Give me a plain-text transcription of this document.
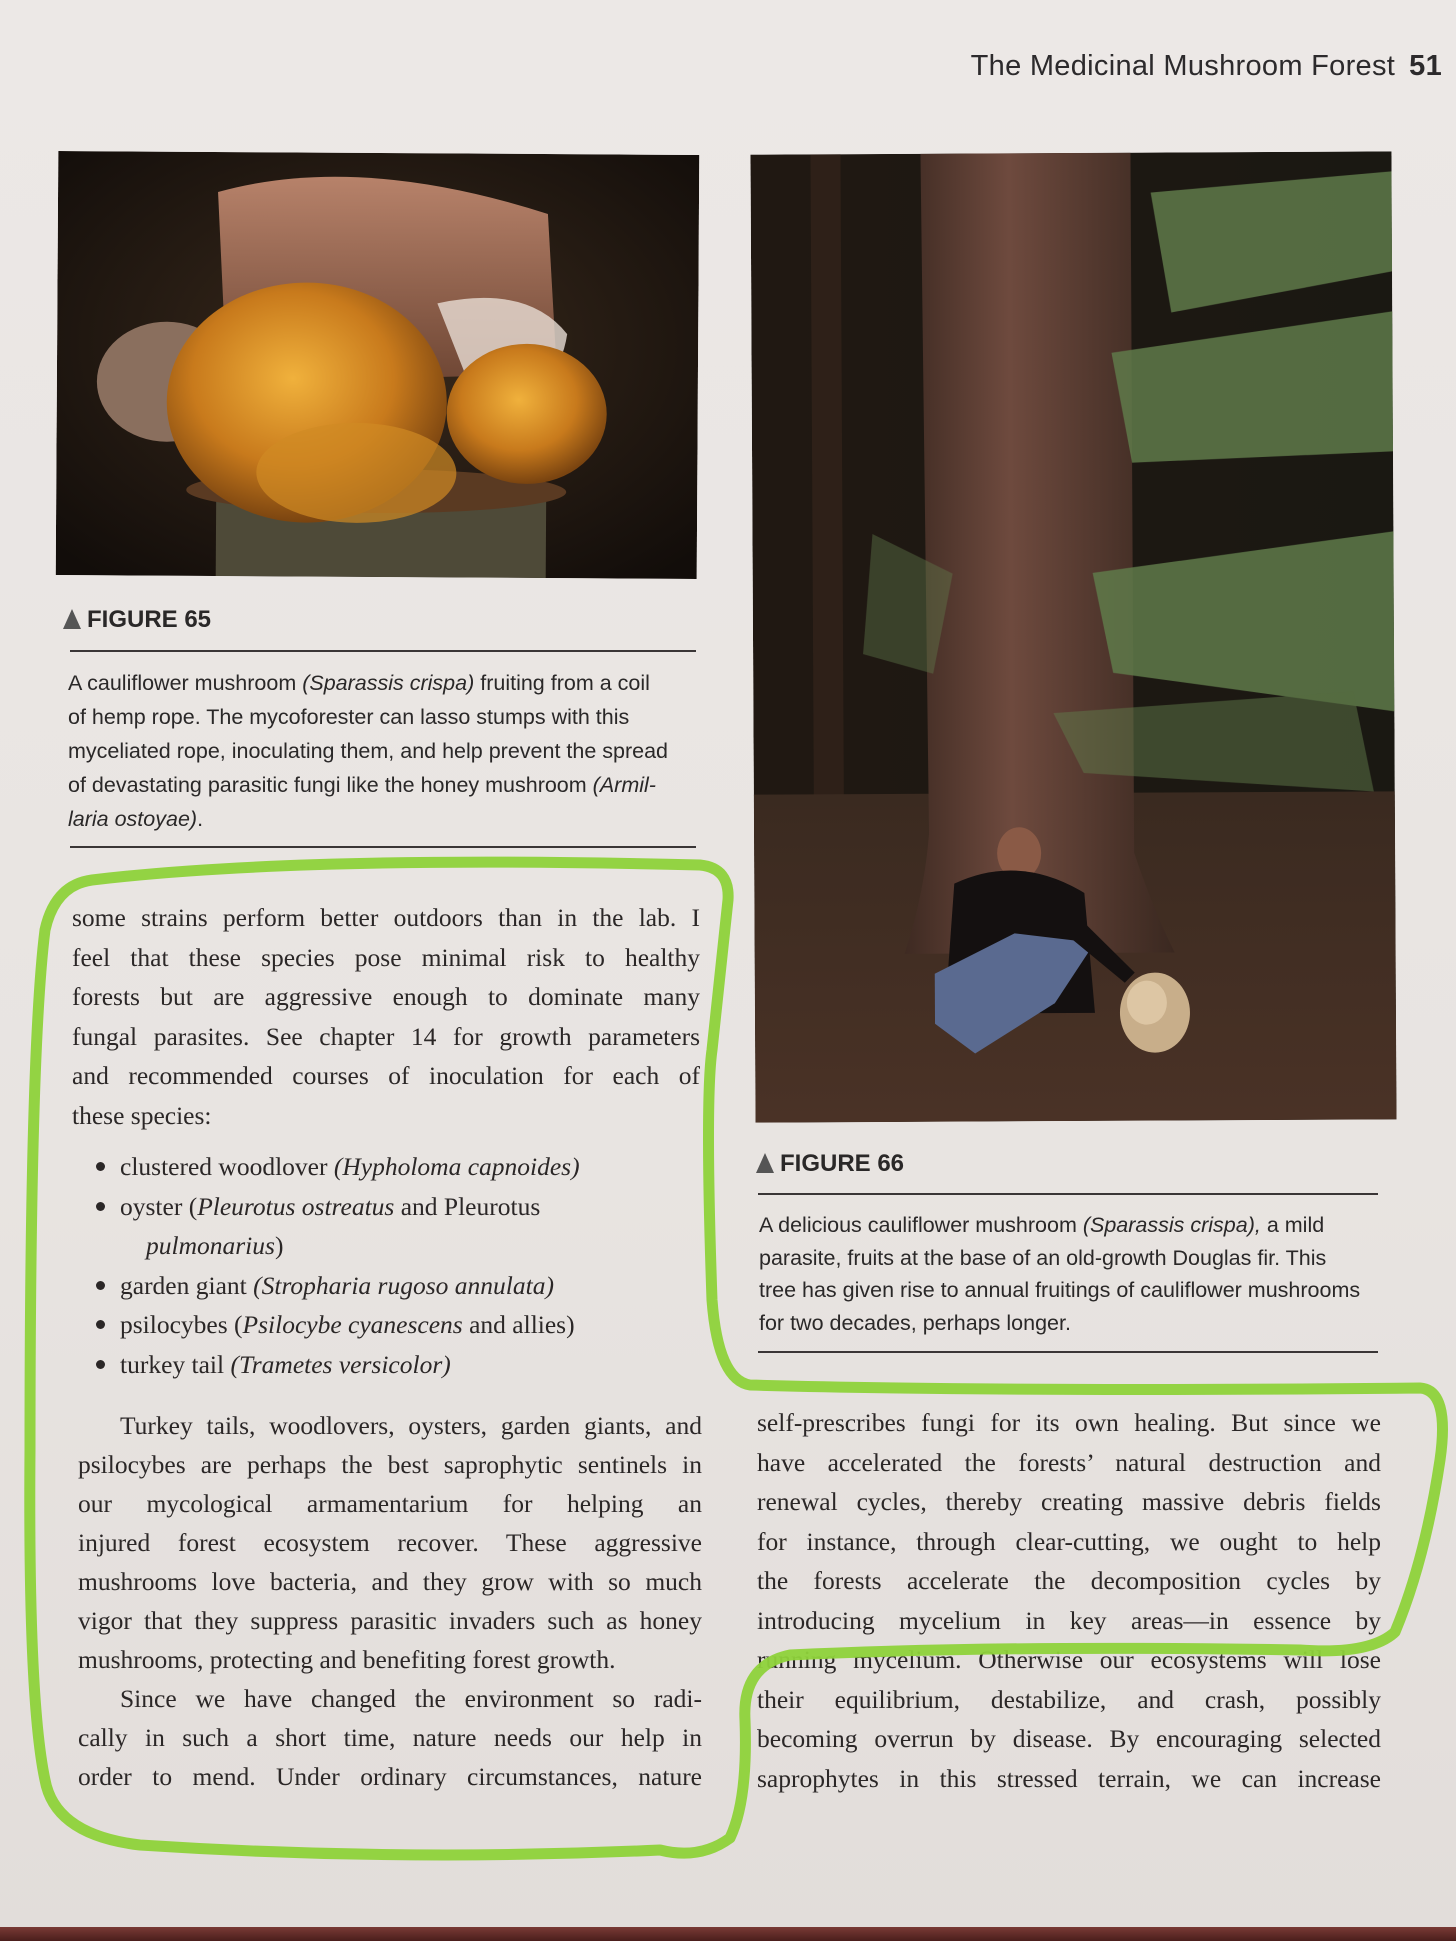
The Medicinal Mushroom Forest 51
FIGURE 65
A cauliflower mushroom (Sparassis crispa) fruiting from a coil
of hemp rope. The mycoforester can lasso stumps with this
myceliated rope, inoculating them, and help prevent the spread
of devastating parasitic fungi like the honey mushroom (Armil-
laria ostoyae).
FIGURE 66
A delicious cauliflower mushroom (Sparassis crispa), a mild
parasite, fruits at the base of an old-growth Douglas fir. This
tree has given rise to annual fruitings of cauliflower mushrooms
for two decades, perhaps longer.
some strains perform better outdoors than in the lab. I
feel that these species pose minimal risk to healthy
forests but are aggressive enough to dominate many
fungal parasites. See chapter 14 for growth parameters
and recommended courses of inoculation for each of
these species:
clustered woodlover (Hypholoma capnoides)
oyster (Pleurotus ostreatus and Pleurotus
pulmonarius)
garden giant (Stropharia rugoso annulata)
psilocybes (Psilocybe cyanescens and allies)
turkey tail (Trametes versicolor)
Turkey tails, woodlovers, oysters, garden giants, and
psilocybes are perhaps the best saprophytic sentinels in
our mycological armamentarium for helping an
injured forest ecosystem recover. These aggressive
mushrooms love bacteria, and they grow with so much
vigor that they suppress parasitic invaders such as honey
mushrooms, protecting and benefiting forest growth.
Since we have changed the environment so radi-
cally in such a short time, nature needs our help in
order to mend. Under ordinary circumstances, nature
self-prescribes fungi for its own healing. But since we
have accelerated the forests’ natural destruction and
renewal cycles, thereby creating massive debris fields
for instance, through clear-cutting, we ought to help
the forests accelerate the decomposition cycles by
introducing mycelium in key areas—in essence by
running mycelium. Otherwise our ecosystems will lose
their equilibrium, destabilize, and crash, possibly
becoming overrun by disease. By encouraging selected
saprophytes in this stressed terrain, we can increase
